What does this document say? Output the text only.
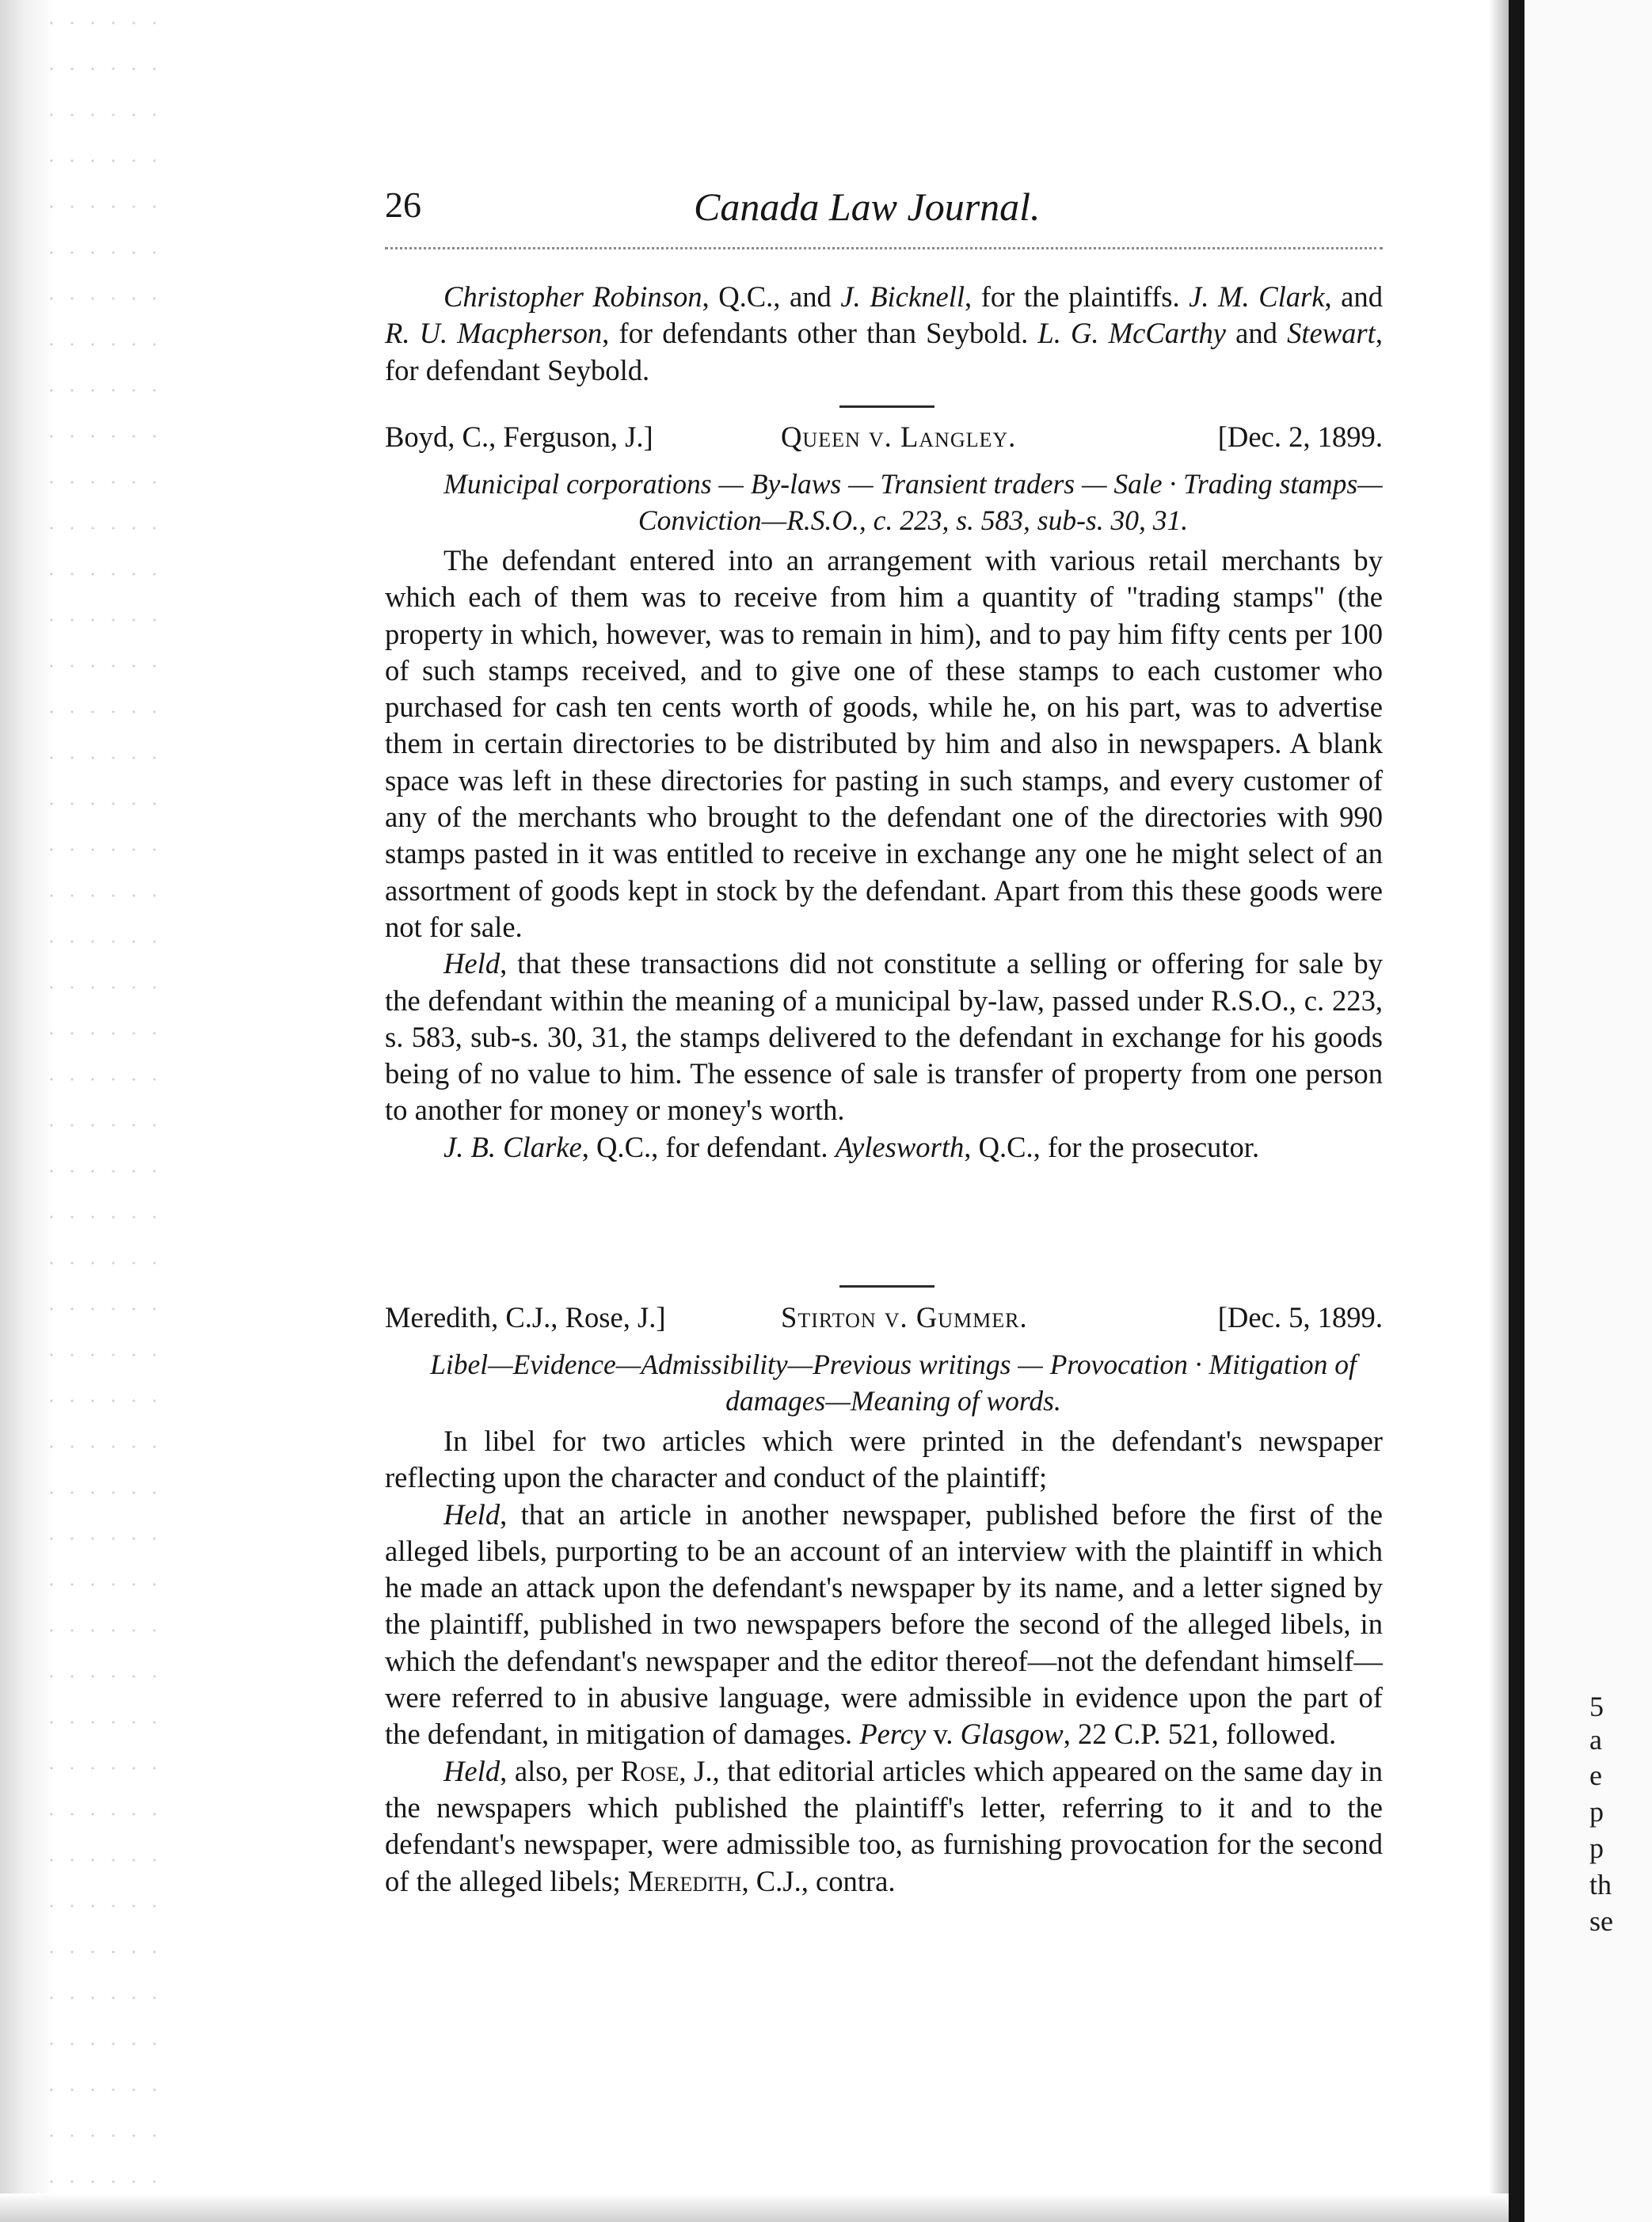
5
a
e
p
p
th
se
26	Canada Law Journal.

Christopher Robinson, Q.C., and J. Bicknell, for the plaintiffs. J. M. Clark, and R. U. Macpherson, for defendants other than Seybold. L. G. McCarthy and Stewart, for defendant Seybold.

Boyd, C., Ferguson, J.]	Queen v. Langley.	[Dec. 2, 1899.
Municipal corporations — By-laws — Transient traders — Sale · Trading stamps—Conviction—R.S.O., c. 223, s. 583, sub-s. 30, 31.

The defendant entered into an arrangement with various retail merchants by which each of them was to receive from him a quantity of "trading stamps" (the property in which, however, was to remain in him), and to pay him fifty cents per 100 of such stamps received, and to give one of these stamps to each customer who purchased for cash ten cents worth of goods, while he, on his part, was to advertise them in certain directories to be distributed by him and also in newspapers. A blank space was left in these directories for pasting in such stamps, and every customer of any of the merchants who brought to the defendant one of the directories with 990 stamps pasted in it was entitled to receive in exchange any one he might select of an assortment of goods kept in stock by the defendant. Apart from this these goods were not for sale.

Held, that these transactions did not constitute a selling or offering for sale by the defendant within the meaning of a municipal by-law, passed under R.S.O., c. 223, s. 583, sub-s. 30, 31, the stamps delivered to the defendant in exchange for his goods being of no value to him. The essence of sale is transfer of property from one person to another for money or money's worth.

J. B. Clarke, Q.C., for defendant. Aylesworth, Q.C., for the prosecutor.

Meredith, C.J., Rose, J.]	Stirton v. Gummer.	[Dec. 5, 1899.
Libel—Evidence—Admissibility—Previous writings — Provocation · Mitigation of damages—Meaning of words.

In libel for two articles which were printed in the defendant's newspaper reflecting upon the character and conduct of the plaintiff;

Held, that an article in another newspaper, published before the first of the alleged libels, purporting to be an account of an interview with the plaintiff in which he made an attack upon the defendant's newspaper by its name, and a letter signed by the plaintiff, published in two newspapers before the second of the alleged libels, in which the defendant's newspaper and the editor thereof—not the defendant himself—were referred to in abusive language, were admissible in evidence upon the part of the defendant, in mitigation of damages. Percy v. Glasgow, 22 C.P. 521, followed.

Held, also, per Rose, J., that editorial articles which appeared on the same day in the newspapers which published the plaintiff's letter, referring to it and to the defendant's newspaper, were admissible too, as furnishing provocation for the second of the alleged libels; Meredith, C.J., contra.
